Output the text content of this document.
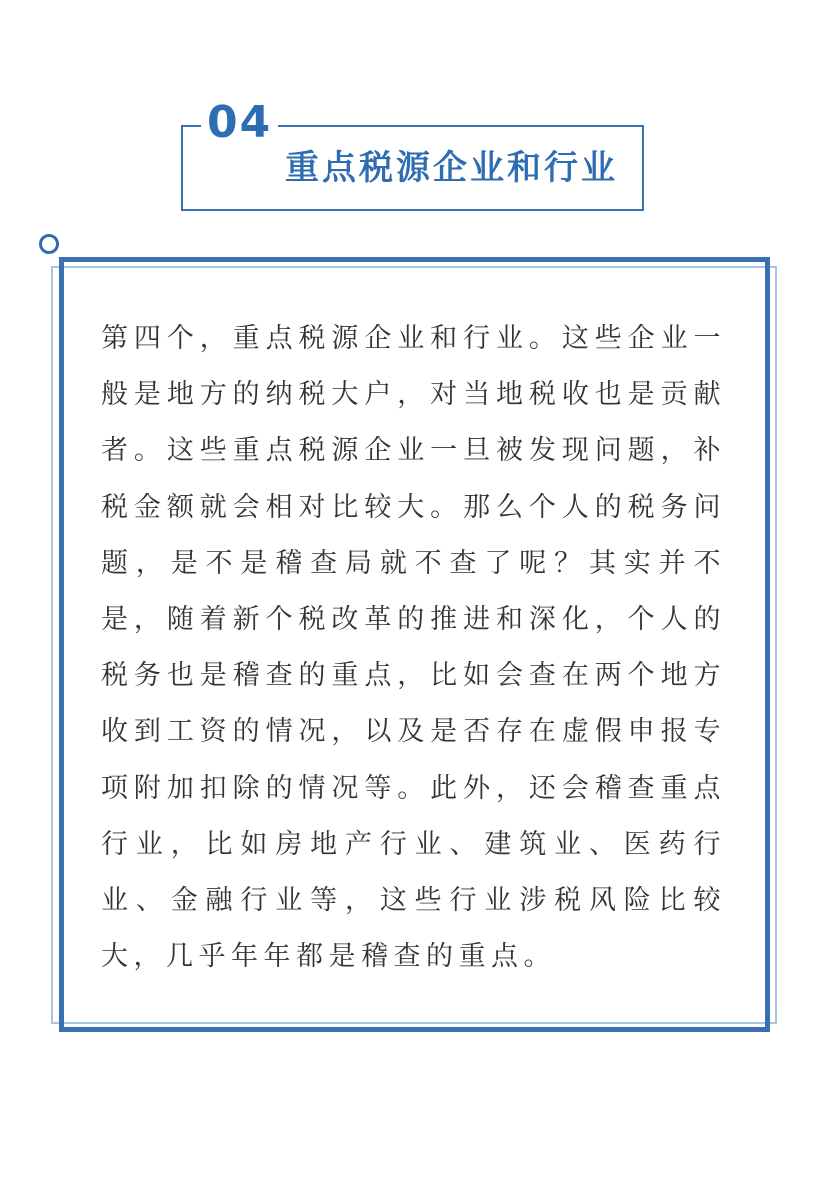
04
重点税源企业和行业
第四个，重点税源企业和行业。这些企业一般是地方的纳税大户，对当地税收也是贡献者。这些重点税源企业一旦被发现问题，补税金额就会相对比较大。那么个人的税务问题，是不是稽查局就不查了呢？其实并不是，随着新个税改革的推进和深化，个人的税务也是稽查的重点，比如会查在两个地方收到工资的情况，以及是否存在虚假申报专项附加扣除的情况等。此外，还会稽查重点行业，比如房地产行业、建筑业、医药行业、金融行业等，这些行业涉税风险比较大，几乎年年都是稽查的重点。
